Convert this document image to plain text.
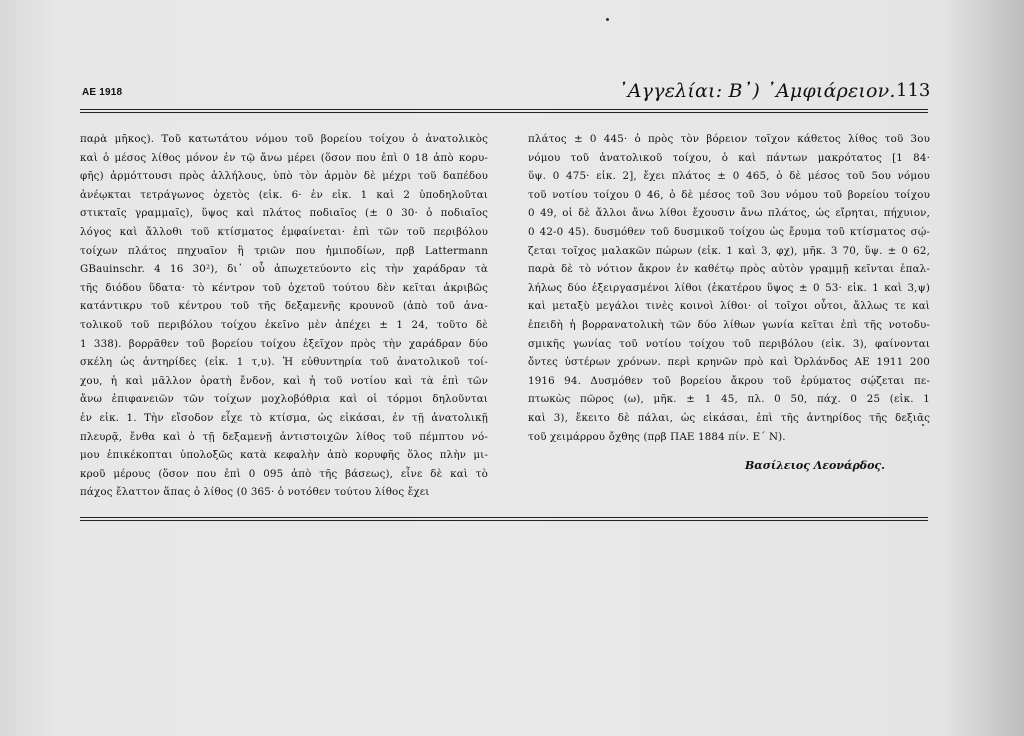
ΑΕ 1918	᾿Αγγελίαι: Β᾿) ᾿Αμφιάρειον. 113
παρὰ μῆκος). Τοῦ κατωτάτου νόμου τοῦ βορείου τοίχου ὁ ἀνατολικὸς
καὶ ὁ μέσος λίθος μόνον ἐν τῷ ἄνω μέρει (ὅσον που ἐπὶ 0 18 ἀπὸ κορυ-
φῆς) ἁρμόττουσι πρὸς ἀλλήλους, ὑπὸ τὸν ἁρμὸν δὲ μέχρι τοῦ δαπέδου
ἀνέῳκται τετράγωνος ὀχετὸς (εἰκ. 6· ἐν εἰκ. 1 καὶ 2 ὑποδηλοῦται
στικταῖς γραμμαῖς), ὕψος καὶ πλάτος ποδιαῖος (± 0 30· ὁ ποδιαῖος
λόγος καὶ ἄλλοθι τοῦ κτίσματος ἐμφαίνεται· ἐπὶ τῶν τοῦ περιβόλου
τοίχων πλάτος πηχυαῖον ἢ τριῶν που ἡμιποδίων, πρβ Lattermann
GBauinschr. 4 16 30²), δι᾿ οὗ ἀπωχετεύοντο εἰς τὴν χαράδραν τὰ
τῆς διόδου ὕδατα· τὸ κέντρον τοῦ ὀχετοῦ τούτου δὲν κεῖται ἀκριβῶς
κατάντικρυ τοῦ κέντρου τοῦ τῆς δεξαμενῆς κρουνοῦ (ἀπὸ τοῦ ἀνα-
τολικοῦ τοῦ περιβόλου τοίχου ἐκεῖνο μὲν ἀπέχει ± 1 24, τοῦτο δὲ
1 338). βορρᾶθεν τοῦ βορείου τοίχου ἐξεῖχον πρὸς τὴν χαράδραν δύο
σκέλη ὡς ἀντηρίδες (εἰκ. 1 τ,υ). Ἡ εὐθυντηρία τοῦ ἀνατολικοῦ τοί-
χου, ἡ καὶ μᾶλλον ὁρατὴ ἔνδον, καὶ ἡ τοῦ νοτίου καὶ τὰ ἐπὶ τῶν
ἄνω ἐπιφανειῶν τῶν τοίχων μοχλοβόθρια καὶ οἱ τόρμοι δηλοῦνται
ἐν εἰκ. 1. Τὴν εἴσοδον εἶχε τὸ κτίσμα, ὡς εἰκάσαι, ἐν τῇ ἀνατολικῇ
πλευρᾷ, ἔνθα καὶ ὁ τῇ δεξαμενῇ ἀντιστοιχῶν λίθος τοῦ πέμπτου νό-
μου ἐπικέκοπται ὑπολοξῶς κατὰ κεφαλὴν ἀπὸ κορυφῆς ὅλος πλὴν μι-
κροῦ μέρους (ὅσον που ἐπὶ 0 095 ἀπὸ τῆς βάσεως), εἶνε δὲ καὶ τὸ
πάχος ἔλαττον ἅπας ὁ λίθος (0 365· ὁ νοτόθεν τούτου λίθος ἔχει
πλάτος ± 0 445· ὁ πρὸς τὸν βόρειον τοῖχον κάθετος λίθος τοῦ 3ου
νόμου τοῦ ἀνατολικοῦ τοίχου, ὁ καὶ πάντων μακρότατος [1 84·
ὕψ. 0 475· εἰκ. 2], ἔχει πλάτος ± 0 465, ὁ δὲ μέσος τοῦ 5ου νόμου
τοῦ νοτίου τοίχου 0 46, ὁ δὲ μέσος τοῦ 3ου νόμου τοῦ βορείου τοίχου
0 49, οἱ δὲ ἄλλοι ἄνω λίθοι ἔχουσιν ἄνω πλάτος, ὡς εἴρηται, πήχυιον,
0 42-0 45). δυσμόθεν τοῦ δυσμικοῦ τοίχου ὡς ἔρυμα τοῦ κτίσματος σῴ-
ζεται τοῖχος μαλακῶν πώρων (εἰκ. 1 καὶ 3, φχ), μῆκ. 3 70, ὕψ. ± 0 62,
παρὰ δὲ τὸ νότιον ἄκρον ἐν καθέτῳ πρὸς αὐτὸν γραμμῇ κεῖνται ἐπαλ-
λήλως δύο ἐξειργασμένοι λίθοι (ἑκατέρου ὕψος ± 0 53· εἰκ. 1 καὶ 3,ψ)
καὶ μεταξὺ μεγάλοι τινὲς κοινοὶ λίθοι· οἱ τοῖχοι οὗτοι, ἄλλως τε καὶ
ἐπειδὴ ἡ βορρανατολικὴ τῶν δύο λίθων γωνία κεῖται ἐπὶ τῆς νοτοδυ-
σμικῆς γωνίας τοῦ νοτίου τοίχου τοῦ περιβόλου (εἰκ. 3), φαίνονται
ὄντες ὑστέρων χρόνων. περὶ κρηνῶν πρὸ καὶ Ὀρλάνδος ΑΕ 1911 200
1916 94. Δυσμόθεν τοῦ βορείου ἄκρου τοῦ ἐρύματος σῴζεται πε-
πτωκὼς πῶρος (ω), μῆκ. ± 1 45, πλ. 0 50, πάχ. 0 25 (εἰκ. 1
καὶ 3), ἔκειτο δὲ πάλαι, ὡς εἰκάσαι, ἐπὶ τῆς ἀντηρίδος τῆς δεξιᾶς
τοῦ χειμάρρου ὄχθης (πρβ ΠΑΕ 1884 πίν. Ε΄ Ν).
Βασίλειος Λεονάρδος.
